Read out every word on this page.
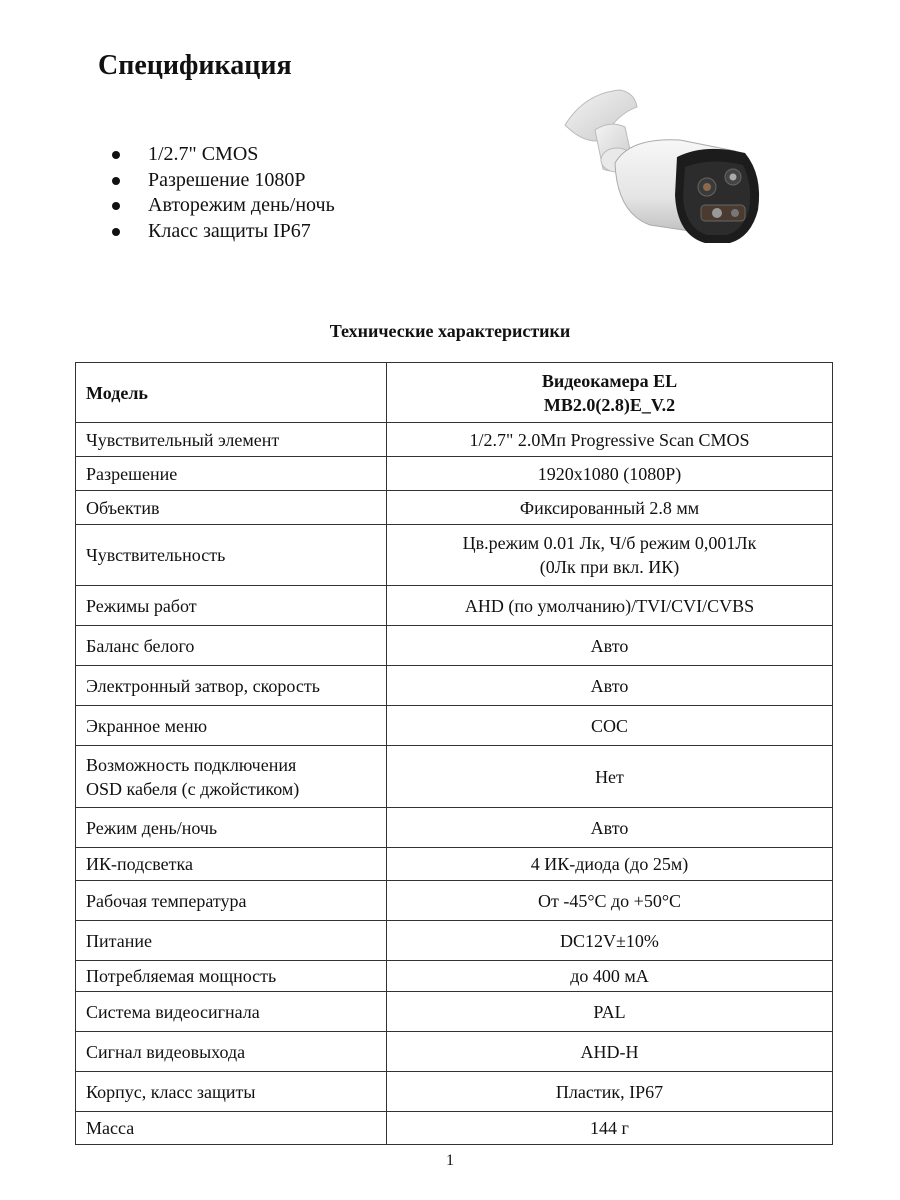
Спецификация
1/2.7" CMOS
Разрешение 1080P
Авторежим день/ночь
Класс защиты IP67
Технические характеристики
Модель	Видеокамера EL
MB2.0(2.8)E_V.2
Чувствительный элемент	1/2.7" 2.0Мп Progressive Scan CMOS
Разрешение	1920x1080 (1080P)
Объектив	Фиксированный 2.8 мм
Чувствительность	Цв.режим 0.01 Лк, Ч/б режим 0,001Лк
(0Лк при вкл. ИК)
Режимы работ	AHD (по умолчанию)/TVI/CVI/CVBS
Баланс белого	Авто
Электронный затвор, скорость	Авто
Экранное меню	COC
Возможность подключения
OSD кабеля (с джойстиком)	Нет
Режим день/ночь	Авто
ИК-подсветка	4 ИК-диода (до 25м)
Рабочая температура	От -45°C до +50°C
Питание	DC12V±10%
Потребляемая мощность	до 400 мА
Система видеосигнала	PAL
Сигнал видеовыхода	AHD-H
Корпус, класс защиты	Пластик, IP67
Масса	144 г
1
